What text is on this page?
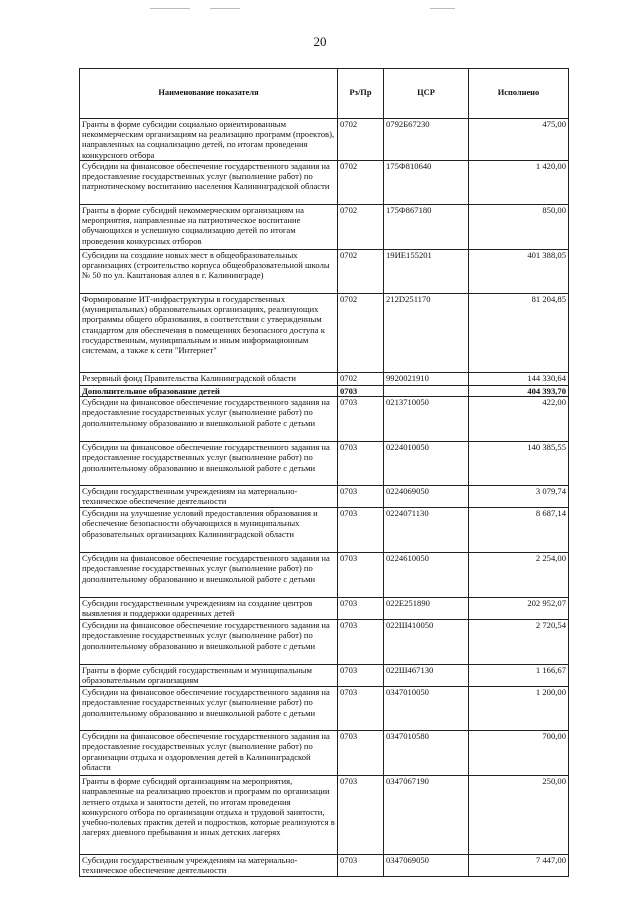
20
Наименование показателя	Рз/Пр	ЦСР	Исполнено
Гранты в форме субсидии социально ориентированным некоммерческим организациям на реализацию программ (проектов), направленных на социализацию детей, по итогам проведения конкурсного отбора	0702	0792Б67230	475,00
Субсидии на финансовое обеспечение государственного задания на предоставление государственных услуг (выполнение работ) по патриотическому воспитанию населения Калининградской области	0702	175Ф810640	1 420,00
Гранты в форме субсидий некоммерческим организациям на мероприятия, направленные на патриотическое воспитание обучающихся и успешную социализацию детей по итогам проведения конкурсных отборов	0702	175Ф867180	850,00
Субсидии на создание новых мест в общеобразовательных организациях (строительство корпуса общеобразовательной школы № 50 по ул. Каштановая аллея в г. Калининграде)	0702	19ИЕ155201	401 388,05
Формирование ИТ-инфраструктуры в государственных (муниципальных) образовательных организациях, реализующих программы общего образования, в соответствии с утвержденным стандартом для обеспечения в помещениях безопасного доступа к государственным, муниципальным и иным информационным системам, а также к сети "Интернет"	0702	212D251170	81 204,85
Резервный фонд Правительства Калининградской области	0702	9920021910	144 330,64
Дополнительное образование детей	0703		404 393,70
Субсидии на финансовое обеспечение государственного задания на предоставление государственных услуг (выполнение работ) по дополнительному образованию и внешкольной работе с детьми	0703	0213710050	422,00
Субсидии на финансовое обеспечение государственного задания на предоставление государственных услуг (выполнение работ) по дополнительному образованию и внешкольной работе с детьми	0703	0224010050	140 385,55
Субсидии государственным учреждениям на материально-техническое обеспечение деятельности	0703	0224069050	3 079,74
Субсидии на улучшение условий предоставления образования и обеспечение безопасности обучающихся в муниципальных образовательных организациях Калининградской области	0703	0224071130	8 687,14
Субсидии на финансовое обеспечение государственного задания на предоставление государственных услуг (выполнение работ) по дополнительному образованию и внешкольной работе с детьми	0703	0224610050	2 254,00
Субсидии государственным учреждениям на создание центров выявления и поддержки одаренных детей	0703	022E251890	202 952,07
Субсидии на финансовое обеспечение государственного задания на предоставление государственных услуг (выполнение работ) по дополнительному образованию и внешкольной работе с детьми	0703	022Ш410050	2 720,54
Гранты в форме субсидий государственным и муниципальным образовательным организациям	0703	022Ш467130	1 166,67
Субсидии на финансовое обеспечение государственного задания на предоставление государственных услуг (выполнение работ) по дополнительному образованию и внешкольной работе с детьми	0703	0347010050	1 200,00
Субсидии на финансовое обеспечение государственного задания на предоставление государственных услуг (выполнение работ) по организации отдыха и оздоровления детей в Калининградской области	0703	0347010580	700,00
Гранты в форме субсидий организациям на мероприятия, направленные на реализацию проектов и программ по организации летнего отдыха и занятости детей, по итогам проведения конкурсного отбора по организации отдыха и трудовой занятости, учебно-полевых практик детей и подростков, которые реализуются в лагерях дневного пребывания и иных детских лагерях	0703	0347067190	250,00
Субсидии государственным учреждениям на материально-техническое обеспечение деятельности	0703	0347069050	7 447,00
